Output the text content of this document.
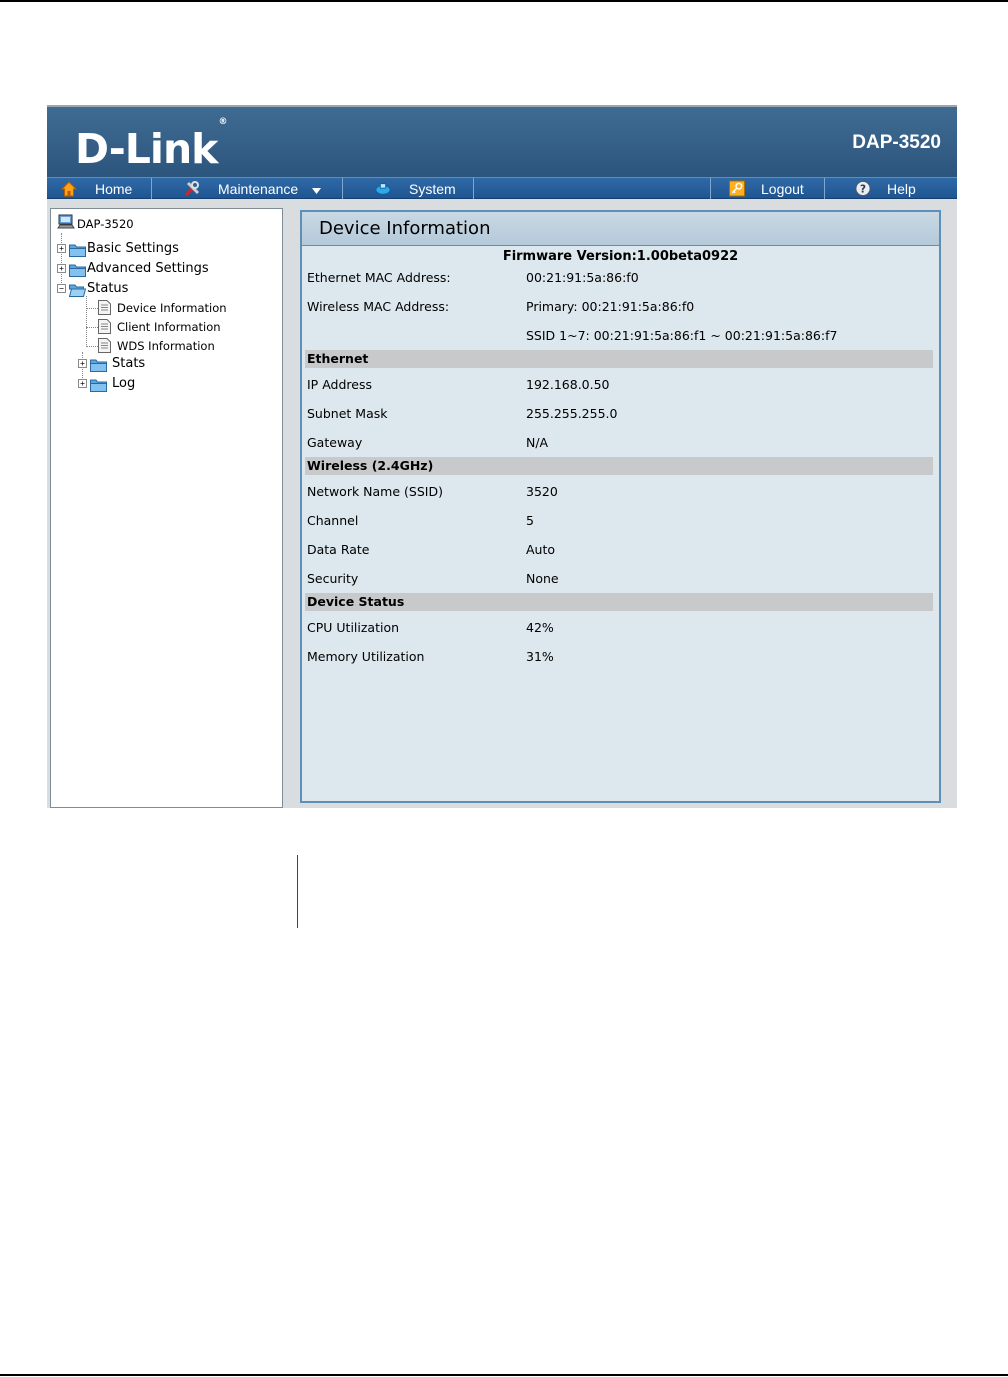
D-Link®
DAP-3520
Home	Maintenance	System	Logout	? Help
DAP-3520
+ Basic Settings
+ Advanced Settings
− Status
Device Information
Client Information
WDS Information
+ Stats
+ Log
Device Information
Firmware Version:1.00beta0922
Ethernet MAC Address:	00:21:91:5a:86:f0
Wireless MAC Address:	Primary: 00:21:91:5a:86:f0
SSID 1~7: 00:21:91:5a:86:f1 ~ 00:21:91:5a:86:f7
Ethernet
IP Address	192.168.0.50
Subnet Mask	255.255.255.0
Gateway	N/A
Wireless (2.4GHz)
Network Name (SSID)	3520
Channel	5
Data Rate	Auto
Security	None
Device Status
CPU Utilization	42%
Memory Utilization	31%
